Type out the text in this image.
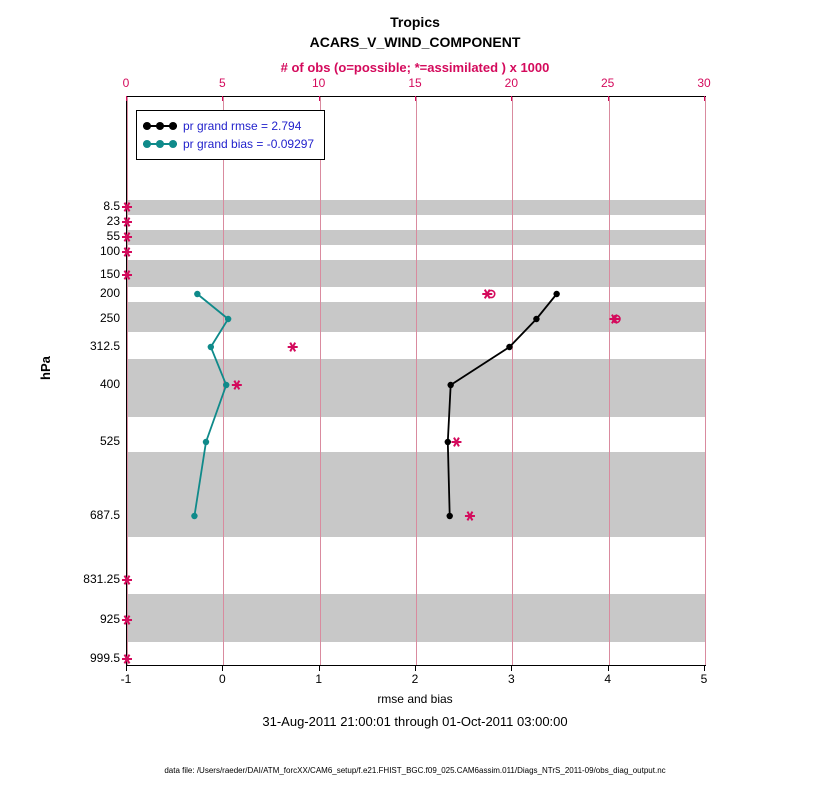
Tropics
ACARS_V_WIND_COMPONENT
# of obs (o=possible; *=assimilated ) x 1000
hPa
-1	0	1	2	3	4	5
0	5	10	15	20	25	30
8.5
23
55
100
150
200
250
312.5
400
525
687.5
831.25
925
999.5
pr grand rmse = 2.794
pr grand bias = -0.09297
rmse and bias
31-Aug-2011 21:00:01 through 01-Oct-2011 03:00:00
data file: /Users/raeder/DAI/ATM_forcXX/CAM6_setup/f.e21.FHIST_BGC.f09_025.CAM6assim.011/Diags_NTrS_2011-09/obs_diag_output.nc
